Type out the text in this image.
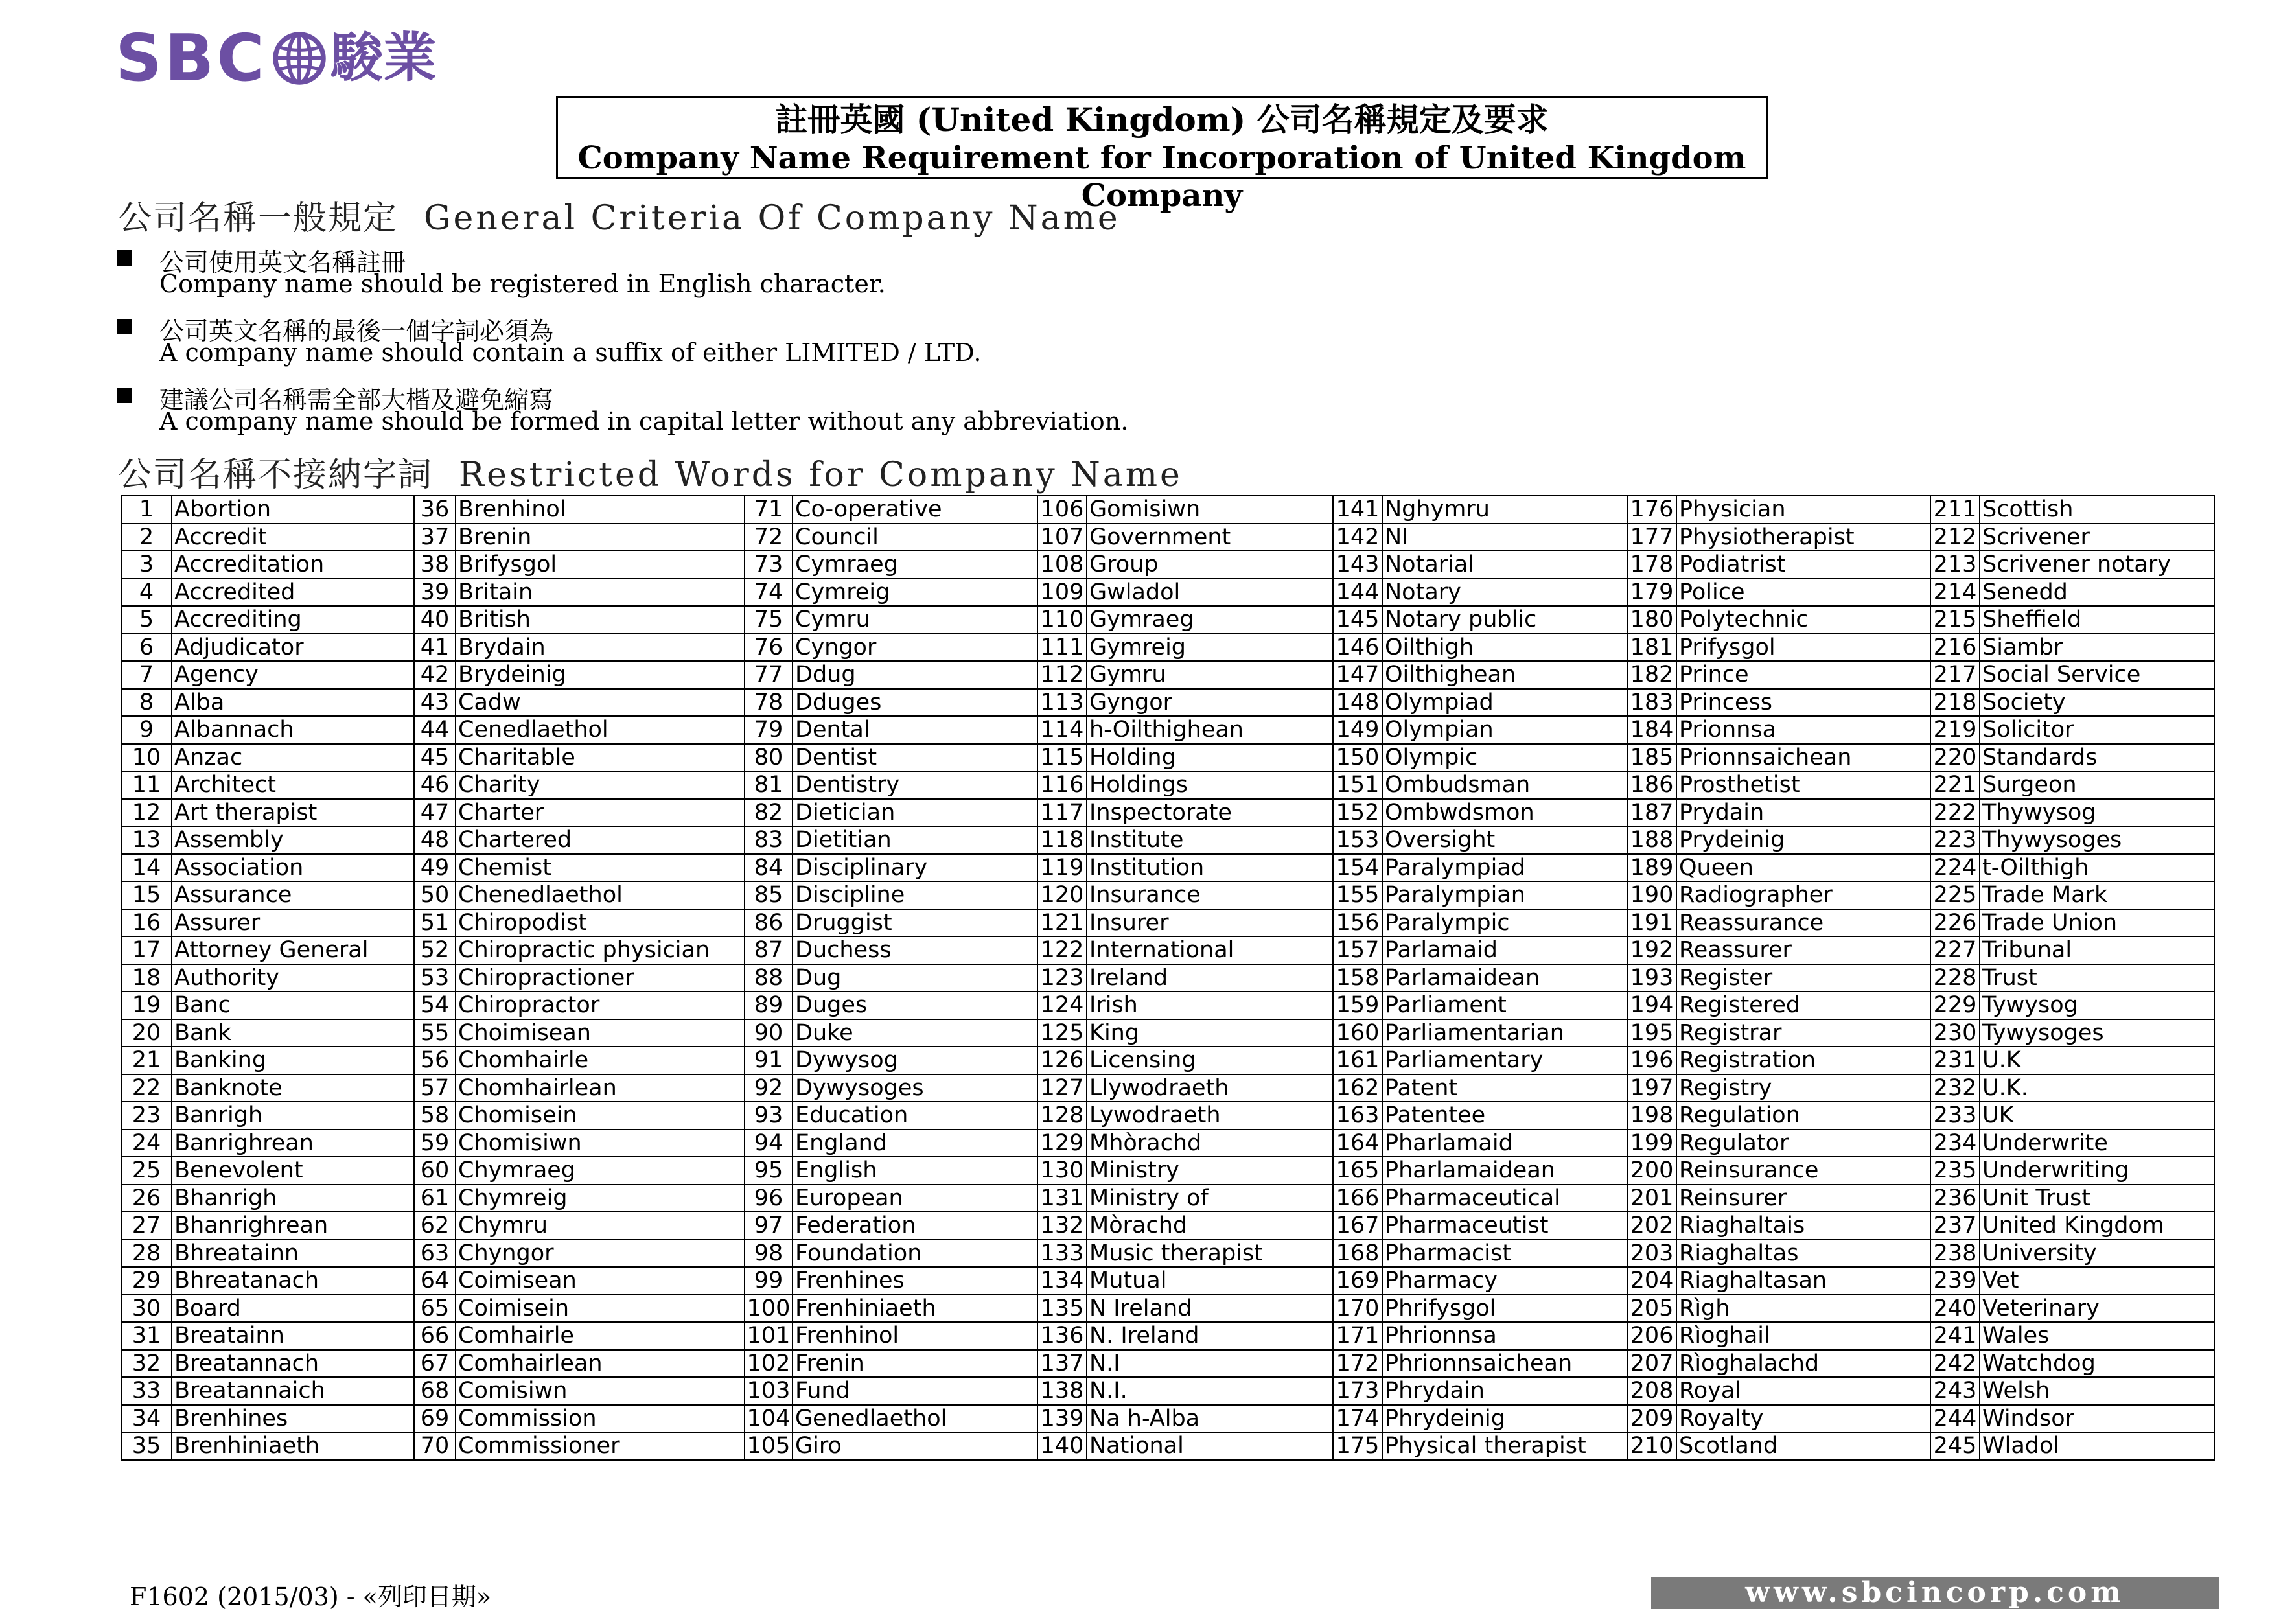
SBC 駿業
註冊英國 (United Kingdom) 公司名稱規定及要求
Company Name Requirement for Incorporation of United Kingdom Company
公司名稱一般規定 General Criteria Of Company Name
公司使用英文名稱註冊
Company name should be registered in English character.
公司英文名稱的最後一個字詞必須為
A company name should contain a suffix of either LIMITED / LTD.
建議公司名稱需全部大楷及避免縮寫
A company name should be formed in capital letter without any abbreviation.
公司名稱不接納字詞 Restricted Words for Company Name
1	Abortion	36	Brenhinol	71	Co-operative	106	Gomisiwn	141	Nghymru	176	Physician	211	Scottish
2	Accredit	37	Brenin	72	Council	107	Government	142	NI	177	Physiotherapist	212	Scrivener
3	Accreditation	38	Brifysgol	73	Cymraeg	108	Group	143	Notarial	178	Podiatrist	213	Scrivener notary
4	Accredited	39	Britain	74	Cymreig	109	Gwladol	144	Notary	179	Police	214	Senedd
5	Accrediting	40	British	75	Cymru	110	Gymraeg	145	Notary public	180	Polytechnic	215	Sheffield
6	Adjudicator	41	Brydain	76	Cyngor	111	Gymreig	146	Oilthigh	181	Prifysgol	216	Siambr
7	Agency	42	Brydeinig	77	Ddug	112	Gymru	147	Oilthighean	182	Prince	217	Social Service
8	Alba	43	Cadw	78	Dduges	113	Gyngor	148	Olympiad	183	Princess	218	Society
9	Albannach	44	Cenedlaethol	79	Dental	114	h-Oilthighean	149	Olympian	184	Prionnsa	219	Solicitor
10	Anzac	45	Charitable	80	Dentist	115	Holding	150	Olympic	185	Prionnsaichean	220	Standards
11	Architect	46	Charity	81	Dentistry	116	Holdings	151	Ombudsman	186	Prosthetist	221	Surgeon
12	Art therapist	47	Charter	82	Dietician	117	Inspectorate	152	Ombwdsmon	187	Prydain	222	Thywysog
13	Assembly	48	Chartered	83	Dietitian	118	Institute	153	Oversight	188	Prydeinig	223	Thywysoges
14	Association	49	Chemist	84	Disciplinary	119	Institution	154	Paralympiad	189	Queen	224	t-Oilthigh
15	Assurance	50	Chenedlaethol	85	Discipline	120	Insurance	155	Paralympian	190	Radiographer	225	Trade Mark
16	Assurer	51	Chiropodist	86	Druggist	121	Insurer	156	Paralympic	191	Reassurance	226	Trade Union
17	Attorney General	52	Chiropractic physician	87	Duchess	122	International	157	Parlamaid	192	Reassurer	227	Tribunal
18	Authority	53	Chiropractioner	88	Dug	123	Ireland	158	Parlamaidean	193	Register	228	Trust
19	Banc	54	Chiropractor	89	Duges	124	Irish	159	Parliament	194	Registered	229	Tywysog
20	Bank	55	Choimisean	90	Duke	125	King	160	Parliamentarian	195	Registrar	230	Tywysoges
21	Banking	56	Chomhairle	91	Dywysog	126	Licensing	161	Parliamentary	196	Registration	231	U.K
22	Banknote	57	Chomhairlean	92	Dywysoges	127	Llywodraeth	162	Patent	197	Registry	232	U.K.
23	Banrigh	58	Chomisein	93	Education	128	Lywodraeth	163	Patentee	198	Regulation	233	UK
24	Banrighrean	59	Chomisiwn	94	England	129	Mhòrachd	164	Pharlamaid	199	Regulator	234	Underwrite
25	Benevolent	60	Chymraeg	95	English	130	Ministry	165	Pharlamaidean	200	Reinsurance	235	Underwriting
26	Bhanrigh	61	Chymreig	96	European	131	Ministry of	166	Pharmaceutical	201	Reinsurer	236	Unit Trust
27	Bhanrighrean	62	Chymru	97	Federation	132	Mòrachd	167	Pharmaceutist	202	Riaghaltais	237	United Kingdom
28	Bhreatainn	63	Chyngor	98	Foundation	133	Music therapist	168	Pharmacist	203	Riaghaltas	238	University
29	Bhreatanach	64	Coimisean	99	Frenhines	134	Mutual	169	Pharmacy	204	Riaghaltasan	239	Vet
30	Board	65	Coimisein	100	Frenhiniaeth	135	N Ireland	170	Phrifysgol	205	Rìgh	240	Veterinary
31	Breatainn	66	Comhairle	101	Frenhinol	136	N. Ireland	171	Phrionnsa	206	Rìoghail	241	Wales
32	Breatannach	67	Comhairlean	102	Frenin	137	N.I	172	Phrionnsaichean	207	Rìoghalachd	242	Watchdog
33	Breatannaich	68	Comisiwn	103	Fund	138	N.I.	173	Phrydain	208	Royal	243	Welsh
34	Brenhines	69	Commission	104	Genedlaethol	139	Na h-Alba	174	Phrydeinig	209	Royalty	244	Windsor
35	Brenhiniaeth	70	Commissioner	105	Giro	140	National	175	Physical therapist	210	Scotland	245	Wladol
F1602 (2015/03) - «列印日期»	www.sbcincorp.com
